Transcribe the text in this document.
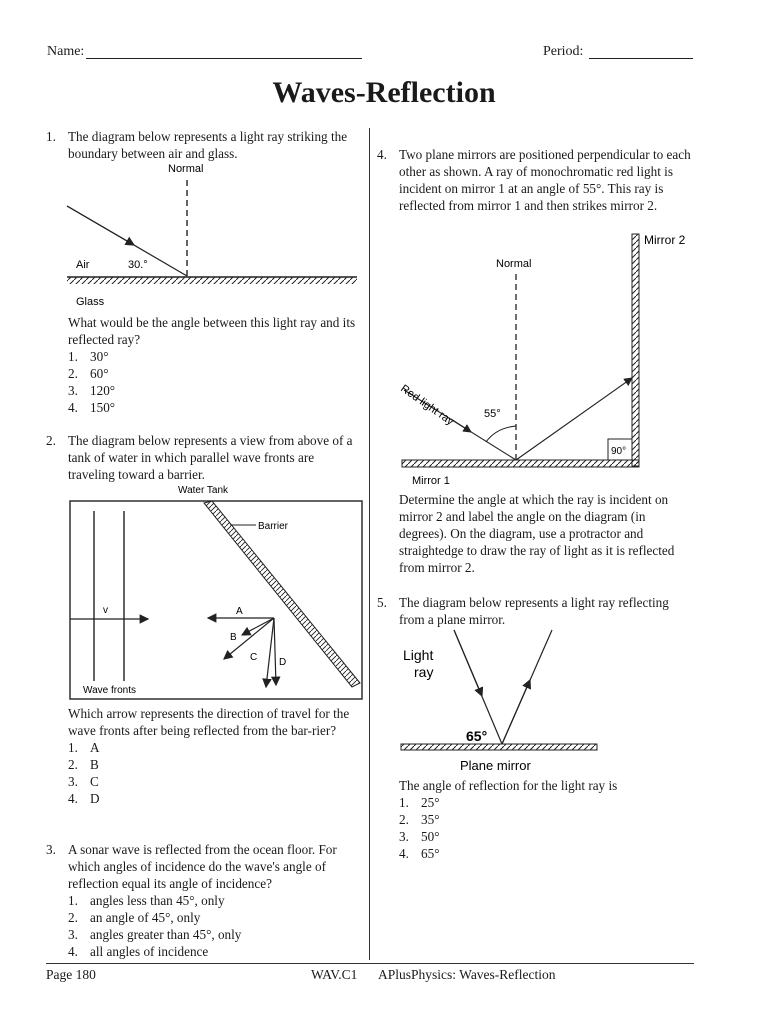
Name:	Period:
Waves-Reflection
1. The diagram below represents a light ray striking the boundary between air and glass.
Normal
Air	30.°
Glass
What would be the angle between this light ray and its reflected ray?
1. 30°
2. 60°
3. 120°
4. 150°
2. The diagram below represents a view from above of a tank of water in which parallel wave fronts are traveling toward a barrier.
Water Tank
Barrier
v	A
B
C D
Wave fronts
Which arrow represents the direction of travel for the wave fronts after being reflected from the bar-rier?
1. A
2. B
3. C
4. D
3. A sonar wave is reflected from the ocean floor. For which angles of incidence do the wave's angle of reflection equal its angle of incidence?
1. angles less than 45°, only
2. an angle of 45°, only
3. angles greater than 45°, only
4. all angles of incidence
4. Two plane mirrors are positioned perpendicular to each other as shown. A ray of monochromatic red light is incident on mirror 1 at an angle of 55°. This ray is reflected from mirror 1 and then strikes mirror 2.
Mirror 2
Mirror 1
Normal
55°
Red light ray
90°
Determine the angle at which the ray is incident on mirror 2 and label the angle on the diagram (in degrees). On the diagram, use a protractor and straightedge to draw the ray of light as it is reflected from mirror 2.
5. The diagram below represents a light ray reflecting from a plane mirror.
Light
ray
65°
Plane mirror
The angle of reflection for the light ray is
1. 25°
2. 35°
3. 50°
4. 65°
Page 180	WAV.C1 APlusPhysics: Waves-Reflection
